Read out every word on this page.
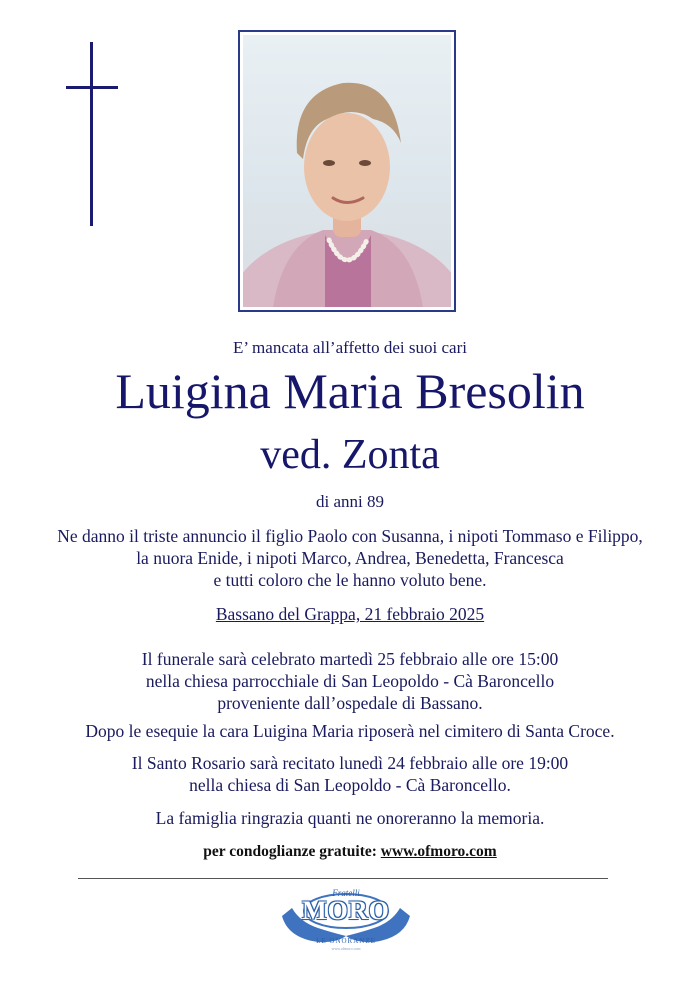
E’ mancata all’affetto dei suoi cari
Luigina Maria Bresolin
ved. Zonta
di anni 89
Ne danno il triste annuncio il figlio Paolo con Susanna, i nipoti Tommaso e Filippo,
la nuora Enide, i nipoti Marco, Andrea, Benedetta, Francesca
e tutti coloro che le hanno voluto bene.
Bassano del Grappa, 21 febbraio 2025
Il funerale sarà celebrato martedì 25 febbraio alle ore 15:00
nella chiesa parrocchiale di San Leopoldo - Cà Baroncello
proveniente dall’ospedale di Bassano.
Dopo le esequie la cara Luigina Maria riposerà nel cimitero di Santa Croce.
Il Santo Rosario sarà recitato lunedì 24 febbraio alle ore 19:00
nella chiesa di San Leopoldo - Cà Baroncello.
La famiglia ringrazia quanti ne onoreranno la memoria.
per condoglianze gratuite: www.ofmoro.com
Fratelli
MORO
LE ONORANZE
www.ofmoro.com
